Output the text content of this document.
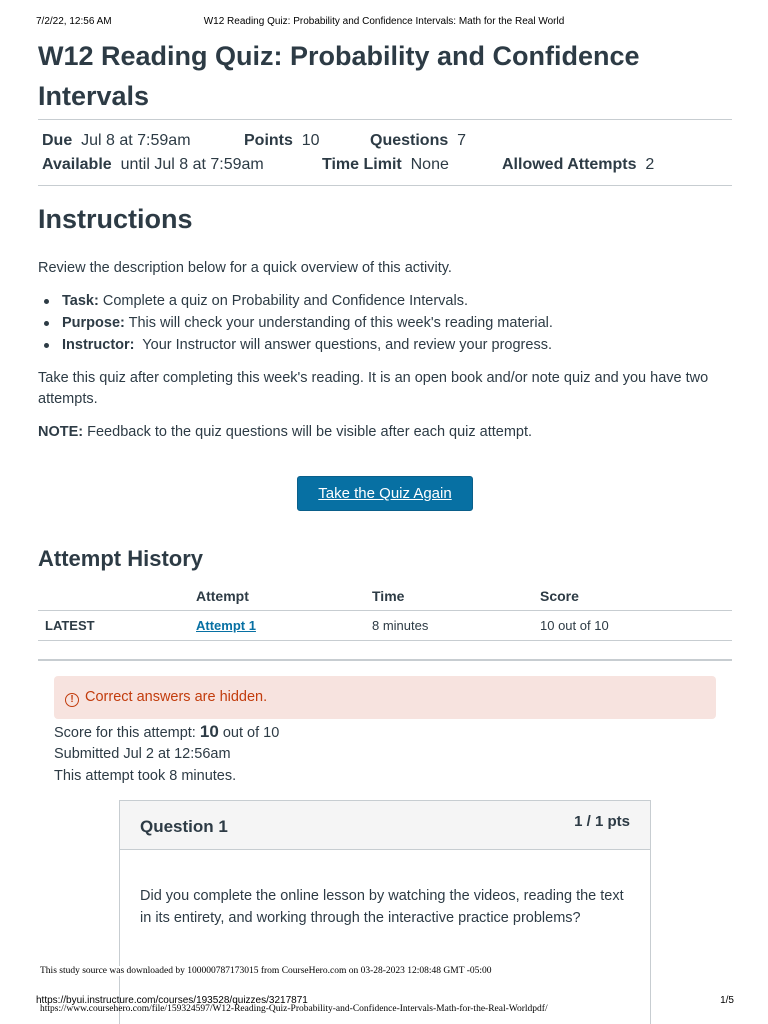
W12 Reading Quiz: Probability and Confidence Intervals: Math for the Real World
7/2/22, 12:56 AM
W12 Reading Quiz: Probability and Confidence Intervals
Due Jul 8 at 7:59am	Points 10	Questions 7
Available until Jul 8 at 7:59am	Time Limit None	Allowed Attempts 2
Instructions

Review the description below for a quick overview of this activity.

Task: Complete a quiz on Probability and Confidence Intervals.
Purpose: This will check your understanding of this week's reading material.
Instructor:  Your Instructor will answer questions, and review your progress.

Take this quiz after completing this week's reading. It is an open book and/or note quiz and you have two attempts.

NOTE: Feedback to the quiz questions will be visible after each quiz attempt.

Take the Quiz Again
Attempt History
	Attempt	Time	Score
LATEST	Attempt 1	8 minutes	10 out of 10
! Correct answers are hidden.
Score for this attempt: 10 out of 10
Submitted Jul 2 at 12:56am
This attempt took 8 minutes.
Question 1	1 / 1 pts
Did you complete the online lesson by watching the videos, reading the text in its entirety, and working through the interactive practice problems?
This study source was downloaded by 100000787173015 from CourseHero.com on 03-28-2023 12:08:48 GMT -05:00
https://byui.instructure.com/courses/193528/quizzes/3217871	1/5
https://www.coursehero.com/file/159324597/W12-Reading-Quiz-Probability-and-Confidence-Intervals-Math-for-the-Real-Worldpdf/
